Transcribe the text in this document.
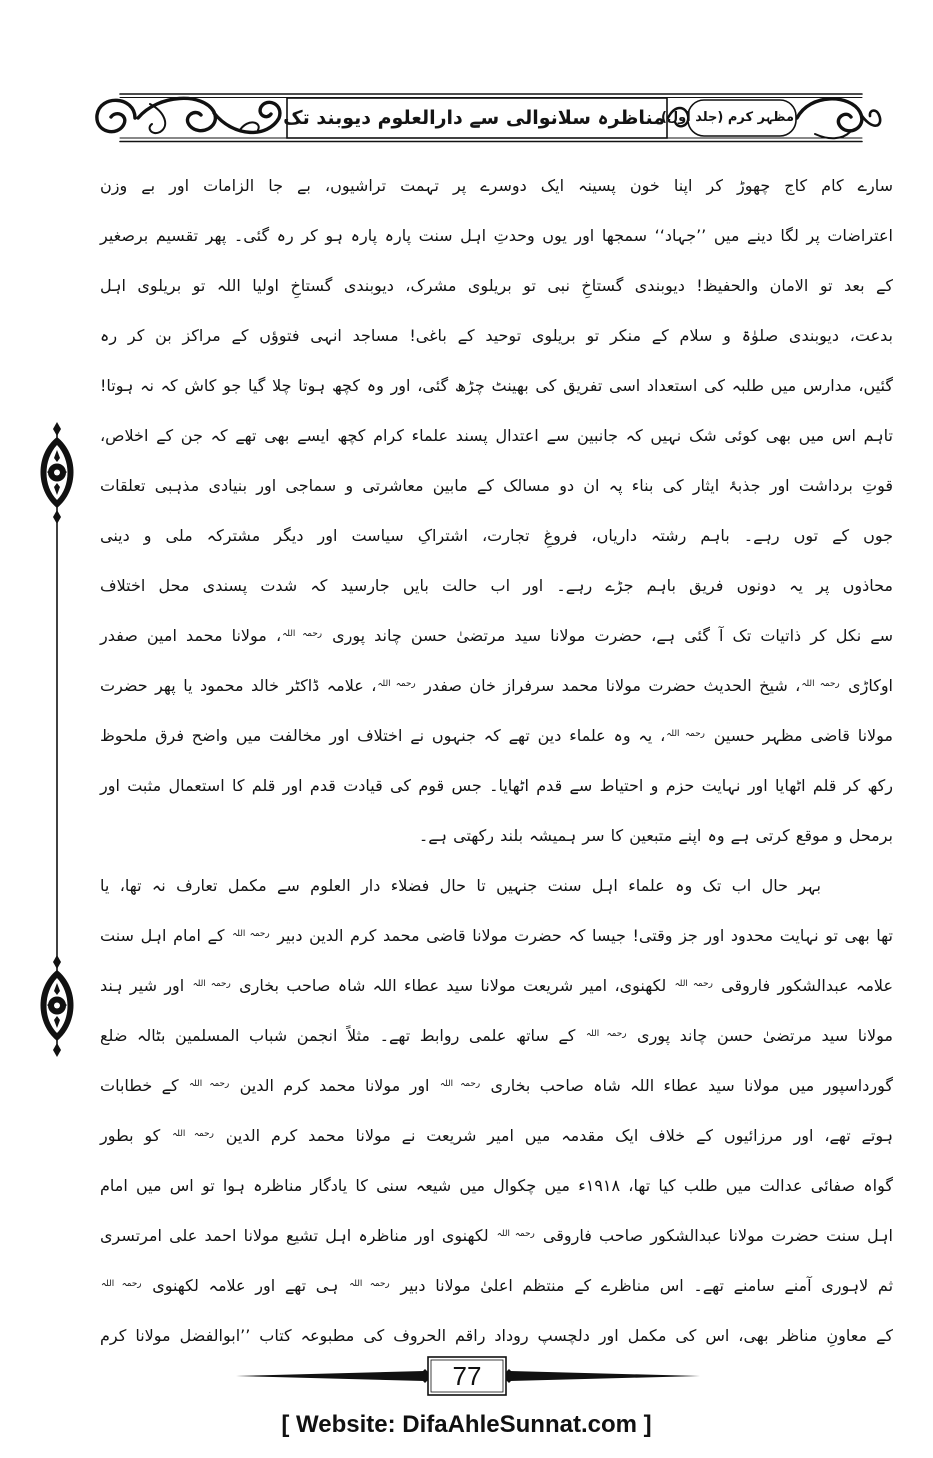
مناظرہ سلانوالی سے دارالعلوم دیوبند تک
مظہر کرم (جلد اول)
سارے کام کاج چھوڑ کر اپنا خون پسینہ ایک دوسرے پر تہمت تراشیوں، بے جا الزامات اور بے وزن
اعتراضات پر لگا دینے میں ’’جہاد‘‘ سمجھا اور یوں وحدتِ اہل سنت پارہ پارہ ہو کر رہ گئی۔ پھر تقسیم برصغیر
کے بعد تو الامان والحفیظ! دیوبندی گستاخِ نبی تو بریلوی مشرک، دیوبندی گستاخِ اولیا اللہ تو بریلوی اہل
بدعت، دیوبندی صلوٰۃ و سلام کے منکر تو بریلوی توحید کے باغی! مساجد انہی فتوؤں کے مراکز بن کر رہ
گئیں، مدارس میں طلبہ کی استعداد اسی تفریق کی بھینٹ چڑھ گئی، اور وہ کچھ ہوتا چلا گیا جو کاش کہ نہ ہوتا!
تاہم اس میں بھی کوئی شک نہیں کہ جانبین سے اعتدال پسند علماء کرام کچھ ایسے بھی تھے کہ جن کے اخلاص،
قوتِ برداشت اور جذبۂ ایثار کی بناء پہ ان دو مسالک کے مابین معاشرتی و سماجی اور بنیادی مذہبی تعلقات
جوں کے توں رہے۔ باہم رشتہ داریاں، فروغِ تجارت، اشتراکِ سیاست اور دیگر مشترکہ ملی و دینی
محاذوں پر یہ دونوں فریق باہم جڑے رہے۔ اور اب حالت بایں جارسید کہ شدت پسندی محل اختلاف
سے نکل کر ذاتیات تک آ گئی ہے، حضرت مولانا سید مرتضیٰ حسن چاند پوری $^{رحمہ اللہ}$، مولانا محمد امین صفدر
اوکاڑی $^{رحمہ اللہ}$، شیخ الحدیث حضرت مولانا محمد سرفراز خان صفدر $^{رحمہ اللہ}$، علامہ ڈاکٹر خالد محمود یا پھر حضرت
مولانا قاضی مظہر حسین $^{رحمہ اللہ}$، یہ وہ علماء دین تھے کہ جنہوں نے اختلاف اور مخالفت میں واضح فرق ملحوظ
رکھ کر قلم اٹھایا اور نہایت حزم و احتیاط سے قدم اٹھایا۔ جس قوم کی قیادت قدم اور قلم کا استعمال مثبت اور
برمحل و موقع کرتی ہے وہ اپنے متبعین کا سر ہمیشہ بلند رکھتی ہے۔
بہر حال اب تک وہ علماء اہل سنت جنہیں تا حال فضلاء دار العلوم سے مکمل تعارف نہ تھا، یا
تھا بھی تو نہایت محدود اور جز وقتی! جیسا کہ حضرت مولانا قاضی محمد کرم الدین دبیر $^{رحمہ اللہ}$ کے امام اہل سنت
علامہ عبدالشکور فاروقی $^{رحمہ اللہ}$ لکھنوی، امیر شریعت مولانا سید عطاء اللہ شاہ صاحب بخاری $^{رحمہ اللہ}$ اور شیر ہند
مولانا سید مرتضیٰ حسن چاند پوری $^{رحمہ اللہ}$ کے ساتھ علمی روابط تھے۔ مثلاً انجمن شباب المسلمین بٹالہ ضلع
گورداسپور میں مولانا سید عطاء اللہ شاہ صاحب بخاری $^{رحمہ اللہ}$ اور مولانا محمد کرم الدین $^{رحمہ اللہ}$ کے خطابات
ہوتے تھے، اور مرزائیوں کے خلاف ایک مقدمہ میں امیر شریعت نے مولانا محمد کرم الدین $^{رحمہ اللہ}$ کو بطور
گواہ صفائی عدالت میں طلب کیا تھا، ۱۹۱۸ء میں چکوال میں شیعہ سنی کا یادگار مناظرہ ہوا تو اس میں امام
اہل سنت حضرت مولانا عبدالشکور صاحب فاروقی $^{رحمہ اللہ}$ لکھنوی اور مناظرہ اہل تشیع مولانا احمد علی امرتسری
ثم لاہوری آمنے سامنے تھے۔ اس مناظرے کے منتظم اعلیٰ مولانا دبیر $^{رحمہ اللہ}$ ہی تھے اور علامہ لکھنوی $^{رحمہ اللہ}$
کے معاونِ مناظر بھی، اس کی مکمل اور دلچسپ روداد راقم الحروف کی مطبوعہ کتاب ’’ابوالفضل مولانا کرم
77
[ Website: DifaAhleSunnat.com ]
